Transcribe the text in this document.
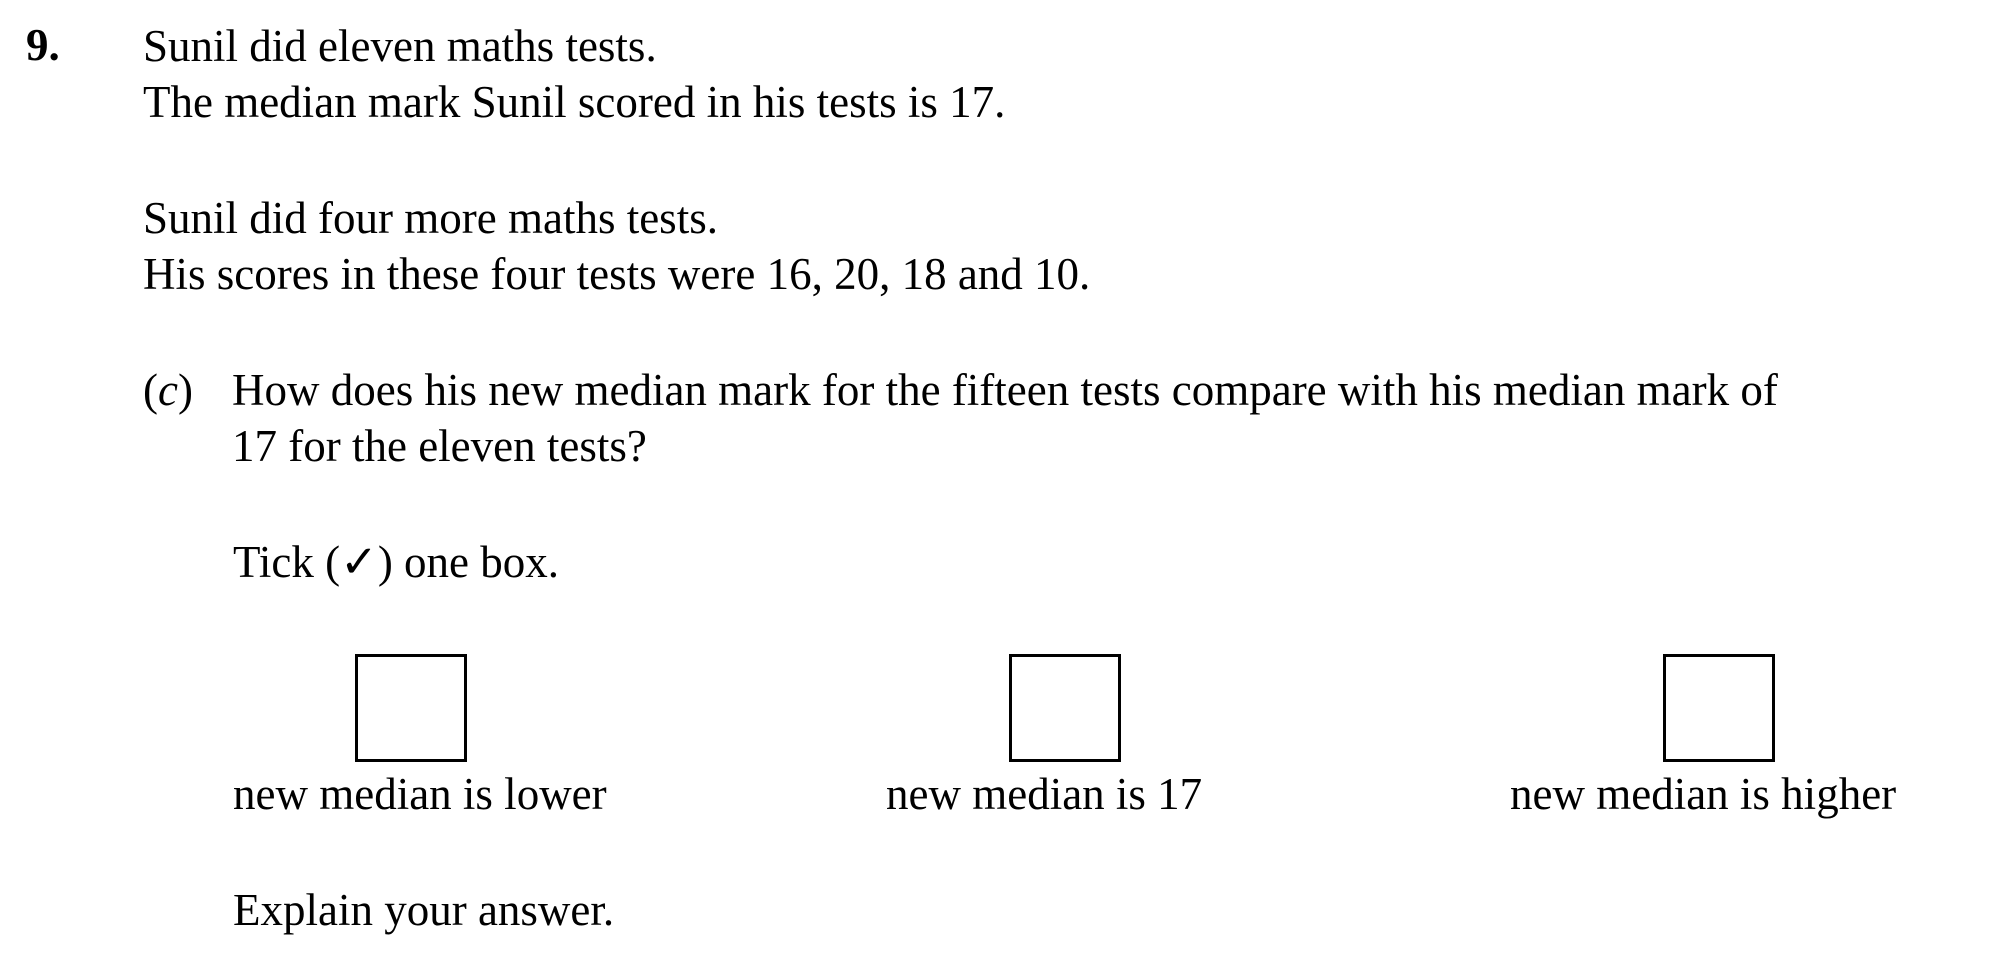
9. Sunil did eleven maths tests.

The median mark Sunil scored in his tests is 17.

Sunil did four more maths tests.

His scores in these four tests were 16, 20, 18 and 10.

(c) How does his new median mark for the fifteen tests compare with his median mark of
17 for the eleven tests?

Tick (✓) one box.

new median is lower	new median is 17	new median is higher

Explain your answer.
